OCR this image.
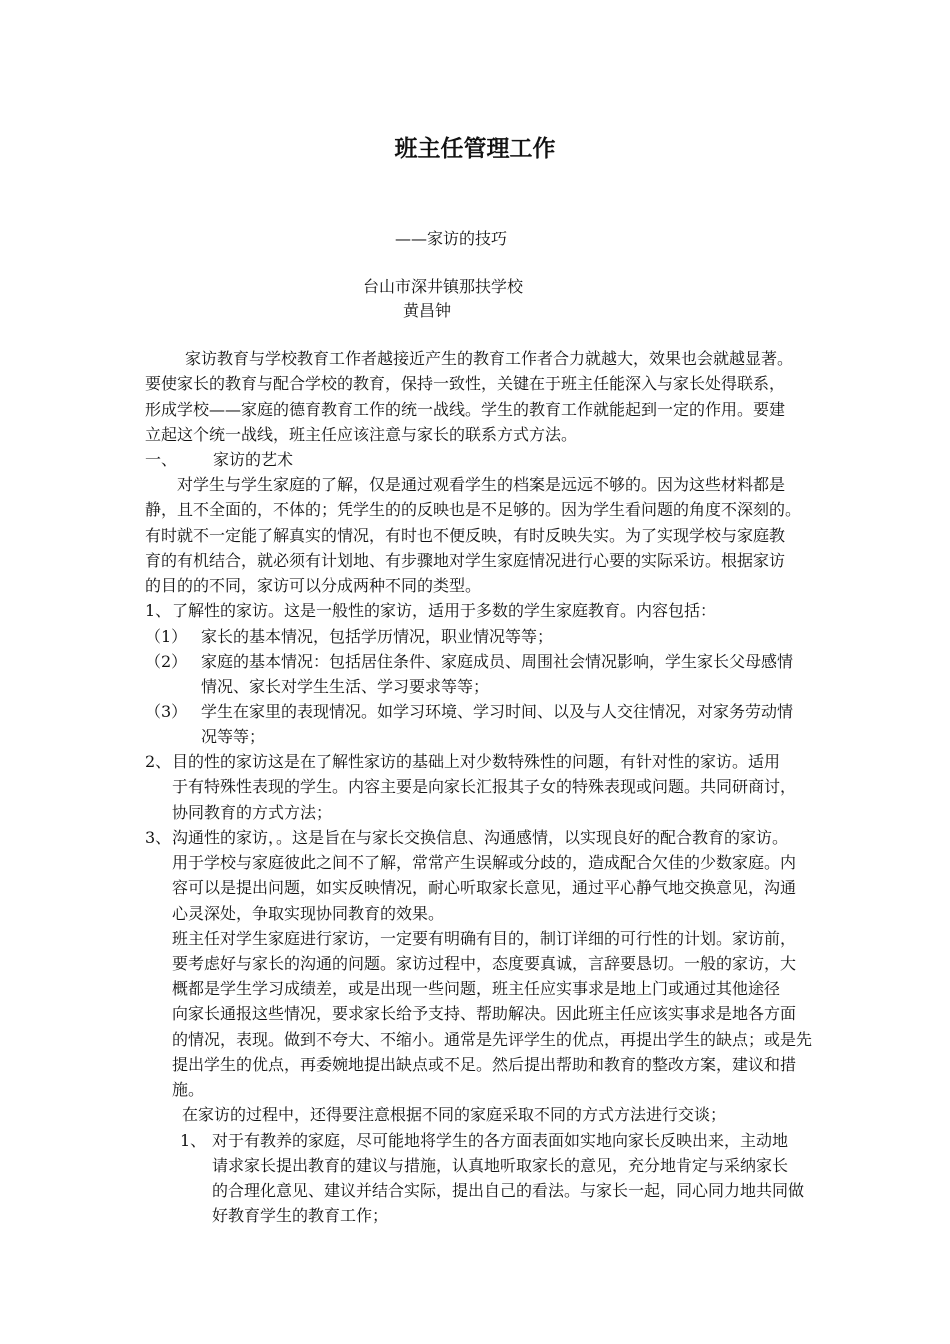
班主任管理工作
——家访的技巧
台山市深井镇那扶学校
黄昌钟
家访教育与学校教育工作者越接近产生的教育工作者合力就越大，效果也会就越显著。
要使家长的教育与配合学校的教育，保持一致性，关键在于班主任能深入与家长处得联系，
形成学校——家庭的德育教育工作的统一战线。学生的教育工作就能起到一定的作用。要建
立起这个统一战线，班主任应该注意与家长的联系方式方法。
一、 家访的艺术
对学生与学生家庭的了解，仅是通过观看学生的档案是远远不够的。因为这些材料都是
静，且不全面的，不体的；凭学生的的反映也是不足够的。因为学生看问题的角度不深刻的。
有时就不一定能了解真实的情况，有时也不便反映，有时反映失实。为了实现学校与家庭教
育的有机结合，就必须有计划地、有步骤地对学生家庭情况进行心要的实际采访。根据家访
的目的的不同，家访可以分成两种不同的类型。
1、 了解性的家访。这是一般性的家访，适用于多数的学生家庭教育。内容包括：
（1） 家长的基本情况，包括学历情况，职业情况等等；
（2） 家庭的基本情况：包括居住条件、家庭成员、周围社会情况影响，学生家长父母感情
情况、家长对学生生活、学习要求等等；
（3） 学生在家里的表现情况。如学习环境、学习时间、以及与人交往情况，对家务劳动情
况等等；
2、 目的性的家访这是在了解性家访的基础上对少数特殊性的问题，有针对性的家访。适用
于有特殊性表现的学生。内容主要是向家长汇报其子女的特殊表现或问题。共同研商讨，
协同教育的方式方法；
3、 沟通性的家访，。这是旨在与家长交换信息、沟通感情，以实现良好的配合教育的家访。
用于学校与家庭彼此之间不了解，常常产生误解或分歧的，造成配合欠佳的少数家庭。内
容可以是提出问题，如实反映情况，耐心听取家长意见，通过平心静气地交换意见，沟通
心灵深处，争取实现协同教育的效果。
班主任对学生家庭进行家访，一定要有明确有目的，制订详细的可行性的计划。家访前，
要考虑好与家长的沟通的问题。家访过程中，态度要真诚，言辞要恳切。一般的家访，大
概都是学生学习成绩差，或是出现一些问题，班主任应实事求是地上门或通过其他途径
向家长通报这些情况，要求家长给予支持、帮助解决。因此班主任应该实事求是地各方面
的情况，表现。做到不夸大、不缩小。通常是先评学生的优点，再提出学生的缺点；或是先
提出学生的优点，再委婉地提出缺点或不足。然后提出帮助和教育的整改方案，建议和措
施。
在家访的过程中，还得要注意根据不同的家庭采取不同的方式方法进行交谈；
1、 对于有教养的家庭，尽可能地将学生的各方面表面如实地向家长反映出来，主动地
请求家长提出教育的建议与措施，认真地听取家长的意见，充分地肯定与采纳家长
的合理化意见、建议并结合实际，提出自己的看法。与家长一起，同心同力地共同做
好教育学生的教育工作；
